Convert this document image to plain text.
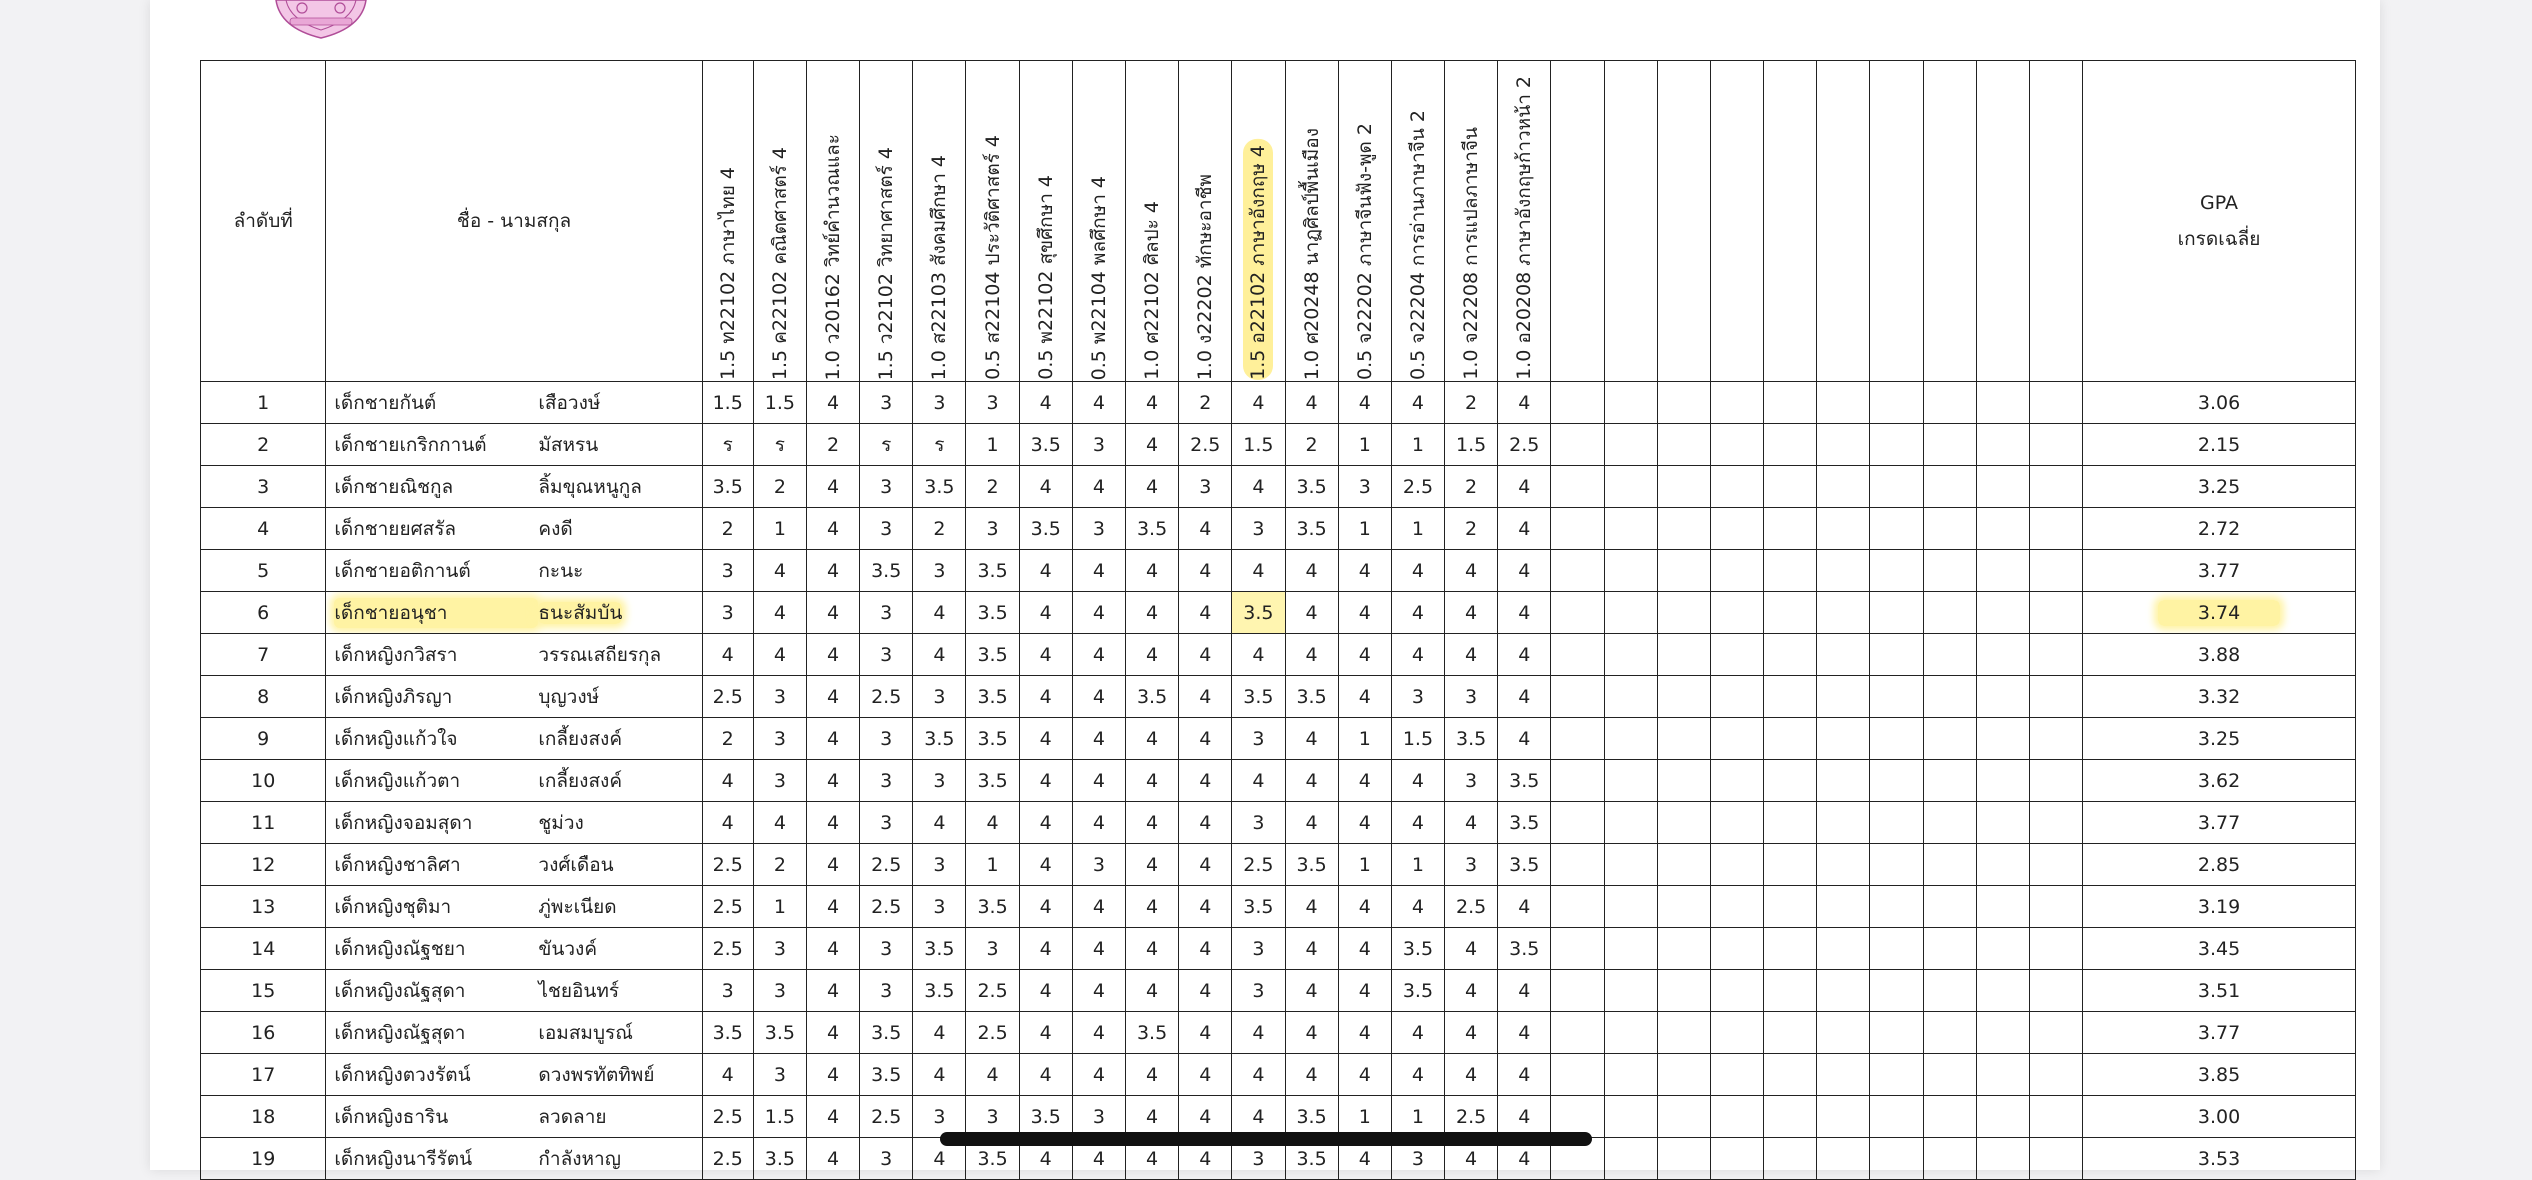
ลำดับที่	ชื่อ - นามสกุล	1.5 ท22102 ภาษาไทย 4	1.5 ค22102 คณิตศาสตร์ 4	1.0 ว20162 วิทย์คำนวณและ	1.5 ว22102 วิทยาศาสตร์ 4	1.0 ส22103 สังคมศึกษา 4	0.5 ส22104 ประวัติศาสตร์ 4	0.5 พ22102 สุขศึกษา 4	0.5 พ22104 พลศึกษา 4	1.0 ศ22102 ศิลปะ 4	1.0 ง22202 ทักษะอาชีพ	1.5 อ22102 ภาษาอังกฤษ 4	1.0 ศ20248 นาฏศิลป์พื้นเมือง	0.5 จ22202 ภาษาจีนฟัง-พูด 2	0.5 จ22204 การอ่านภาษาจีน 2	1.0 จ22208 การแปลภาษาจีน	1.0 อ20208 ภาษาอังกฤษก้าวหน้า 2											GPA
เกรดเฉลี่ย

1	เด็กชายกันต์ เสือวงษ์	1.5	1.5	4	3	3	3	4	4	4	2	4	4	4	4	2	4											3.06
2	เด็กชายเกริกกานต์ มัสหรน	ร	ร	2	ร	ร	1	3.5	3	4	2.5	1.5	2	1	1	1.5	2.5											2.15
3	เด็กชายณิชกูล ลิ้มขุณหนูกูล	3.5	2	4	3	3.5	2	4	4	4	3	4	3.5	3	2.5	2	4											3.25
4	เด็กชายยศสรัล คงดี	2	1	4	3	2	3	3.5	3	3.5	4	3	3.5	1	1	2	4											2.72
5	เด็กชายอติกานต์ กะนะ	3	4	4	3.5	3	3.5	4	4	4	4	4	4	4	4	4	4											3.77
6	เด็กชายอนุชา ธนะสัมบัน	3	4	4	3	4	3.5	4	4	4	4	3.5	4	4	4	4	4											3.74
7	เด็กหญิงกวิสรา วรรณเสถียรกุล	4	4	4	3	4	3.5	4	4	4	4	4	4	4	4	4	4											3.88
8	เด็กหญิงภิรญา บุญวงษ์	2.5	3	4	2.5	3	3.5	4	4	3.5	4	3.5	3.5	4	3	3	4											3.32
9	เด็กหญิงแก้วใจ เกลี้ยงสงค์	2	3	4	3	3.5	3.5	4	4	4	4	3	4	1	1.5	3.5	4											3.25
10	เด็กหญิงแก้วตา เกลี้ยงสงค์	4	3	4	3	3	3.5	4	4	4	4	4	4	4	4	3	3.5											3.62
11	เด็กหญิงจอมสุดา ชูม่วง	4	4	4	3	4	4	4	4	4	4	3	4	4	4	4	3.5											3.77
12	เด็กหญิงชาลิศา วงศ์เดือน	2.5	2	4	2.5	3	1	4	3	4	4	2.5	3.5	1	1	3	3.5											2.85
13	เด็กหญิงชุติมา ภู่พะเนียด	2.5	1	4	2.5	3	3.5	4	4	4	4	3.5	4	4	4	2.5	4											3.19
14	เด็กหญิงณัฐชยา ขันวงค์	2.5	3	4	3	3.5	3	4	4	4	4	3	4	4	3.5	4	3.5											3.45
15	เด็กหญิงณัฐสุดา ไชยอินทร์	3	3	4	3	3.5	2.5	4	4	4	4	3	4	4	3.5	4	4											3.51
16	เด็กหญิงณัฐสุดา เอมสมบูรณ์	3.5	3.5	4	3.5	4	2.5	4	4	3.5	4	4	4	4	4	4	4											3.77
17	เด็กหญิงตวงรัตน์ ดวงพรทัตทิพย์	4	3	4	3.5	4	4	4	4	4	4	4	4	4	4	4	4											3.85
18	เด็กหญิงธาริน ลวดลาย	2.5	1.5	4	2.5	3	3	3.5	3	4	4	4	3.5	1	1	2.5	4											3.00
19	เด็กหญิงนารีรัตน์ กำลังหาญ	2.5	3.5	4	3	4	3.5	4	4	4	4	3	3.5	4	3	4	4											3.53
